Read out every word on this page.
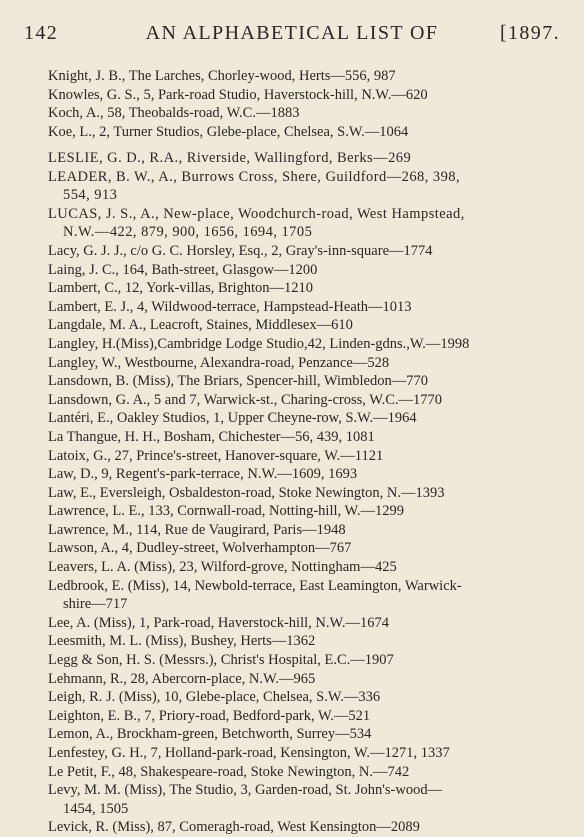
142	AN ALPHABETICAL LIST OF	[1897.
Knight, J. B., The Larches, Chorley-wood, Herts—556, 987
Knowles, G. S., 5, Park-road Studio, Haverstock-hill, N.W.—620
Koch, A., 58, Theobalds-road, W.C.—1883
Koe, L., 2, Turner Studios, Glebe-place, Chelsea, S.W.—1064
LESLIE, G. D., R.A., Riverside, Wallingford, Berks—269
LEADER, B. W., A., Burrows Cross, Shere, Guildford—268, 398,
554, 913
LUCAS, J. S., A., New-place, Woodchurch-road, West Hampstead,
N.W.—422, 879, 900, 1656, 1694, 1705
Lacy, G. J. J., c/o G. C. Horsley, Esq., 2, Gray's-inn-square—1774
Laing, J. C., 164, Bath-street, Glasgow—1200
Lambert, C., 12, York-villas, Brighton—1210
Lambert, E. J., 4, Wildwood-terrace, Hampstead-Heath—1013
Langdale, M. A., Leacroft, Staines, Middlesex—610
Langley, H.(Miss),Cambridge Lodge Studio,42, Linden-gdns.,W.—1998
Langley, W., Westbourne, Alexandra-road, Penzance—528
Lansdown, B. (Miss), The Briars, Spencer-hill, Wimbledon—770
Lansdown, G. A., 5 and 7, Warwick-st., Charing-cross, W.C.—1770
Lantéri, E., Oakley Studios, 1, Upper Cheyne-row, S.W.—1964
La Thangue, H. H., Bosham, Chichester—56, 439, 1081
Latoix, G., 27, Prince's-street, Hanover-square, W.—1121
Law, D., 9, Regent's-park-terrace, N.W.—1609, 1693
Law, E., Eversleigh, Osbaldeston-road, Stoke Newington, N.—1393
Lawrence, L. E., 133, Cornwall-road, Notting-hill, W.—1299
Lawrence, M., 114, Rue de Vaugirard, Paris—1948
Lawson, A., 4, Dudley-street, Wolverhampton—767
Leavers, L. A. (Miss), 23, Wilford-grove, Nottingham—425
Ledbrook, E. (Miss), 14, Newbold-terrace, East Leamington, Warwick-
shire—717
Lee, A. (Miss), 1, Park-road, Haverstock-hill, N.W.—1674
Leesmith, M. L. (Miss), Bushey, Herts—1362
Legg & Son, H. S. (Messrs.), Christ's Hospital, E.C.—1907
Lehmann, R., 28, Abercorn-place, N.W.—965
Leigh, R. J. (Miss), 10, Glebe-place, Chelsea, S.W.—336
Leighton, E. B., 7, Priory-road, Bedford-park, W.—521
Lemon, A., Brockham-green, Betchworth, Surrey—534
Lenfestey, G. H., 7, Holland-park-road, Kensington, W.—1271, 1337
Le Petit, F., 48, Shakespeare-road, Stoke Newington, N.—742
Levy, M. M. (Miss), The Studio, 3, Garden-road, St. John's-wood—
1454, 1505
Levick, R. (Miss), 87, Comeragh-road, West Kensington—2089
